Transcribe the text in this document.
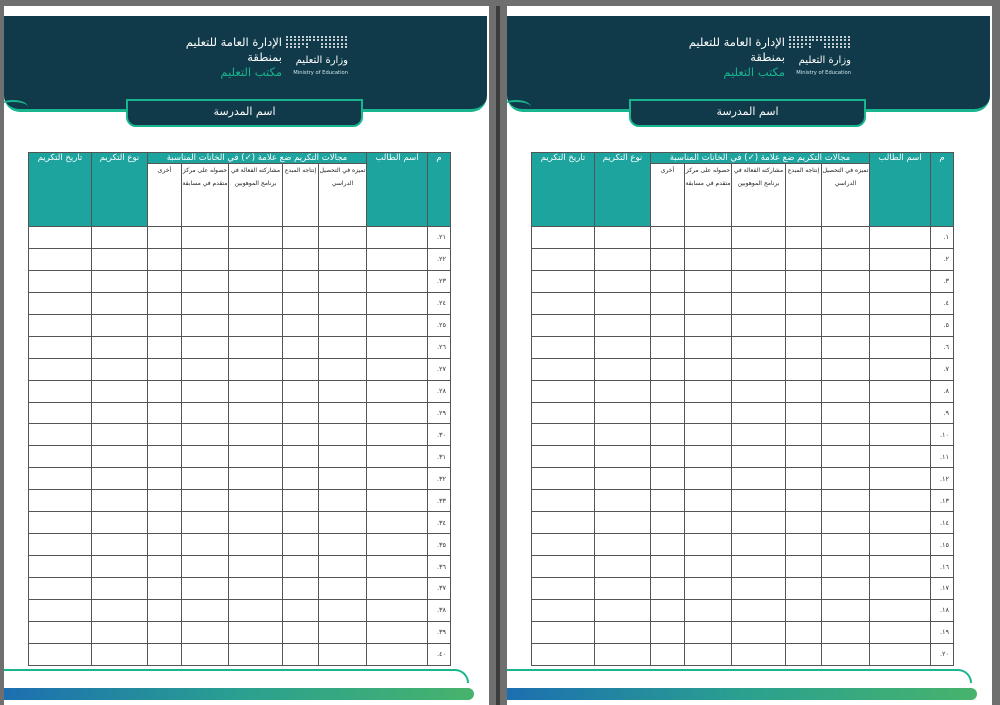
الإدارة العامة للتعليم
بمنطقة
مكتب التعليم
وزارة التعليم
Ministry of Education
اسم المدرسة
م	اسم الطالب	مجالات التكريم ضع علامة (✓) في الخانات المناسبة					نوع التكريم	تاريخ التكريم
		تميزه في التحصيل الدراسي	إنتاجه المبدع	مشاركته الفعالة في برنامج الموهوبين	حصوله على مركز متقدم في مسابقة	أخرى		
.٢١								
.٢٢								
.٢٣								
.٢٤								
.٢٥								
.٢٦								
.٢٧								
.٢٨								
.٢٩								
.٣٠								
.٣١								
.٣٢								
.٣٣								
.٣٤								
.٣٥								
.٣٦								
.٣٧								
.٣٨								
.٣٩								
.٤٠								
الإدارة العامة للتعليم
بمنطقة
مكتب التعليم
وزارة التعليم
Ministry of Education
اسم المدرسة
م	اسم الطالب	مجالات التكريم ضع علامة (✓) في الخانات المناسبة					نوع التكريم	تاريخ التكريم
		تميزه في التحصيل الدراسي	إنتاجه المبدع	مشاركته الفعالة في برنامج الموهوبين	حصوله على مركز متقدم في مسابقة	أخرى		
.١								
.٢								
.٣								
.٤								
.٥								
.٦								
.٧								
.٨								
.٩								
.١٠								
.١١								
.١٢								
.١٣								
.١٤								
.١٥								
.١٦								
.١٧								
.١٨								
.١٩								
.٢٠								
